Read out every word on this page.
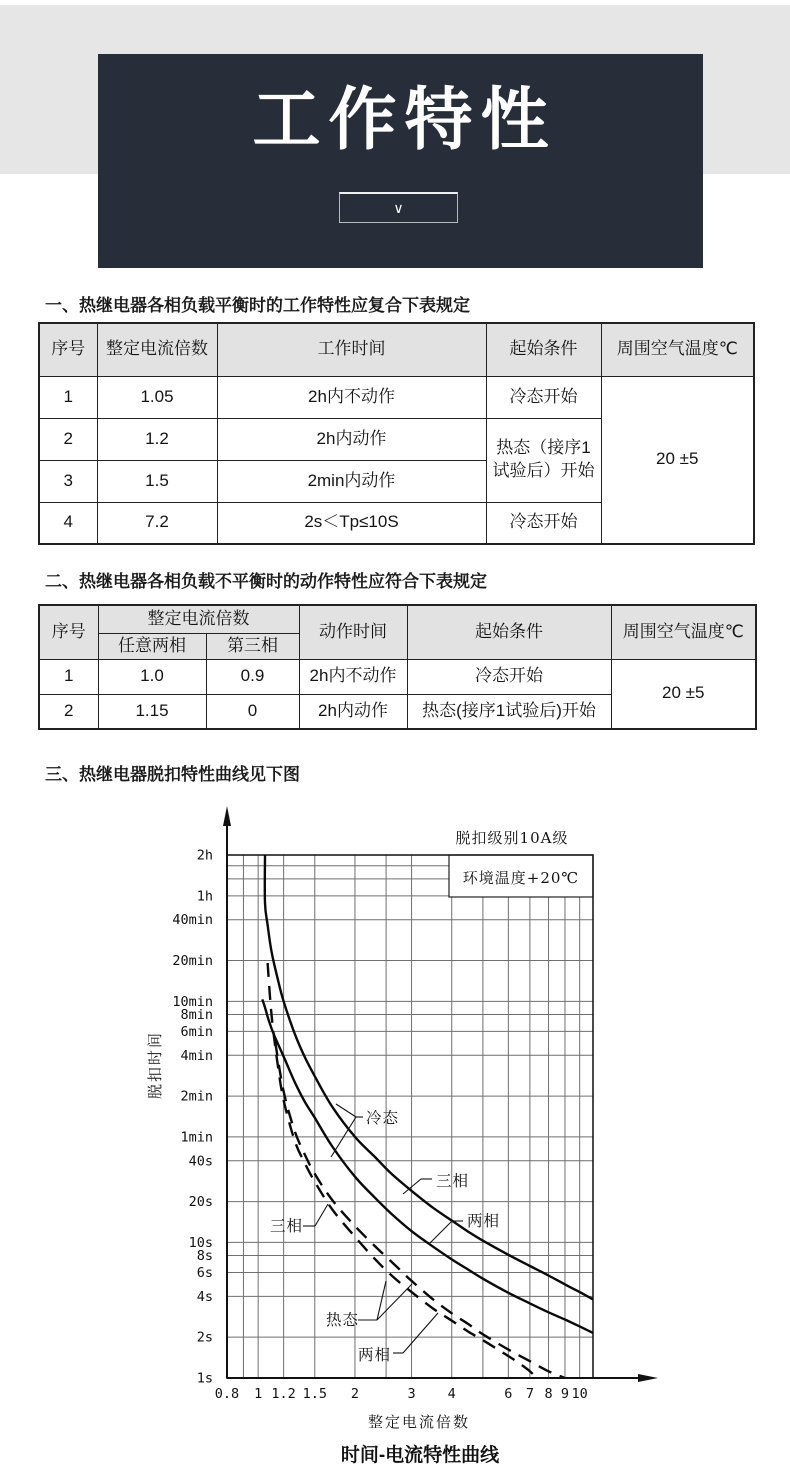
工作特性
∨
一、热继电器各相负载平衡时的工作特性应复合下表规定
序号	整定电流倍数	工作时间	起始条件	周围空气温度℃
1	1.05	2h内不动作	冷态开始	20 ±5
2	1.2	2h内动作	热态（接序1试验后）开始	
3	1.5	2min内动作		
4	7.2	2s＜Tp≤10S	冷态开始	
二、热继电器各相负载不平衡时的动作特性应符合下表规定
序号	整定电流倍数		动作时间	起始条件	周围空气温度℃
	任意两相	第三相			
1	1.0	0.9	2h内不动作	冷态开始	20 ±5
2	1.15	0	2h内动作	热态(接序1试验后)开始	
三、热继电器脱扣特性曲线见下图
环境温度+20℃
脱扣级别10A级
冷态
三相
两相
三相
热态
两相
2h
1h
40min
20min
10min
8min
6min
4min
2min
1min
40s
20s
10s
8s
6s
4s
2s
1s
0.8 1 1.2 1.5 2	3 4	6 7 8 9 10
脱扣时间
整定电流倍数
时间-电流特性曲线
